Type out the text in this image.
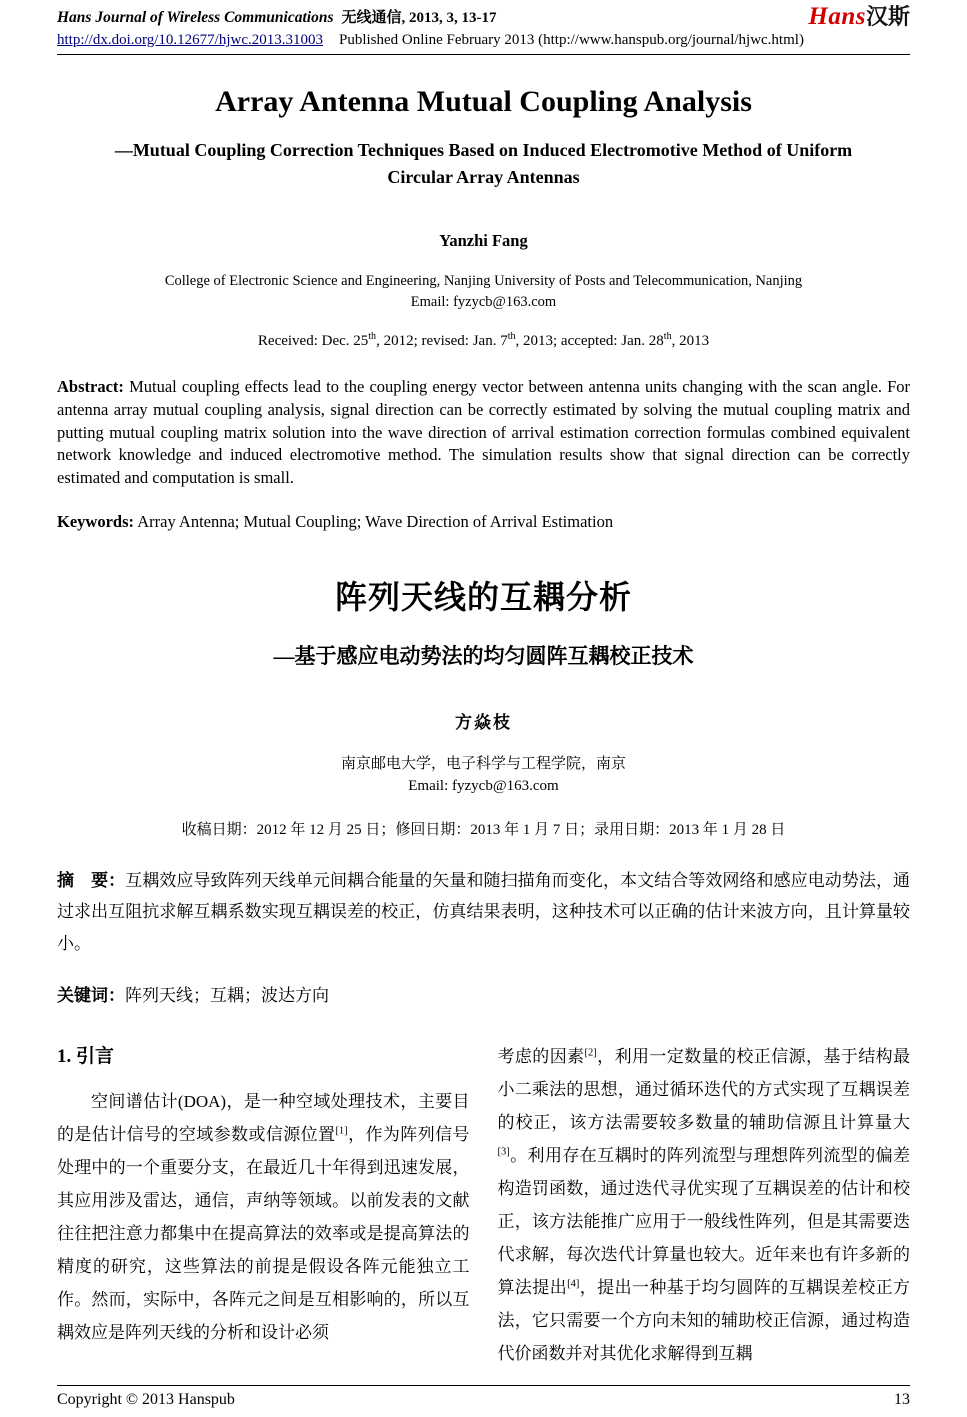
Hans Journal of Wireless Communications 无线通信, 2013, 3, 13-17	Hans汉斯
http://dx.doi.org/10.12677/hjwc.2013.31003 Published Online February 2013 (http://www.hanspub.org/journal/hjwc.html)
Array Antenna Mutual Coupling Analysis
—Mutual Coupling Correction Techniques Based on Induced Electromotive Method of Uniform Circular Array Antennas
Yanzhi Fang
College of Electronic Science and Engineering, Nanjing University of Posts and Telecommunication, Nanjing
Email: fyzycb@163.com
Received: Dec. 25th, 2012; revised: Jan. 7th, 2013; accepted: Jan. 28th, 2013

Abstract: Mutual coupling effects lead to the coupling energy vector between antenna units changing with the scan angle. For antenna array mutual coupling analysis, signal direction can be correctly estimated by solving the mutual coupling matrix and putting mutual coupling matrix solution into the wave direction of arrival estimation correction formulas combined equivalent network knowledge and induced electromotive method. The simulation results show that signal direction can be correctly estimated and computation is small.

Keywords: Array Antenna; Mutual Coupling; Wave Direction of Arrival Estimation

阵列天线的互耦分析
—基于感应电动势法的均匀圆阵互耦校正技术
方焱枝
南京邮电大学，电子科学与工程学院，南京
Email: fyzycb@163.com
收稿日期：2012 年 12 月 25 日；修回日期：2013 年 1 月 7 日；录用日期：2013 年 1 月 28 日

摘　要：互耦效应导致阵列天线单元间耦合能量的矢量和随扫描角而变化，本文结合等效网络和感应电动势法，通过求出互阻抗求解互耦系数实现互耦误差的校正，仿真结果表明，这种技术可以正确的估计来波方向，且计算量较小。

关键词：阵列天线；互耦；波达方向

1. 引言

空间谱估计(DOA)，是一种空域处理技术，主要目的是估计信号的空域参数或信源位置[1]，作为阵列信号处理中的一个重要分支，在最近几十年得到迅速发展，其应用涉及雷达，通信，声纳等领域。以前发表的文献往往把注意力都集中在提高算法的效率或是提高算法的精度的研究，这些算法的前提是假设各阵元能独立工作。然而，实际中，各阵元之间是互相影响的，所以互耦效应是阵列天线的分析和设计必须

考虑的因素[2]，利用一定数量的校正信源，基于结构最小二乘法的思想，通过循环迭代的方式实现了互耦误差的校正，该方法需要较多数量的辅助信源且计算量大[3]。利用存在互耦时的阵列流型与理想阵列流型的偏差构造罚函数，通过迭代寻优实现了互耦误差的估计和校正，该方法能推广应用于一般线性阵列，但是其需要迭代求解，每次迭代计算量也较大。近年来也有许多新的算法提出[4]，提出一种基于均匀圆阵的互耦误差校正方法，它只需要一个方向未知的辅助校正信源，通过构造代价函数并对其优化求解得到互耦

Copyright © 2013 Hanspub	13
